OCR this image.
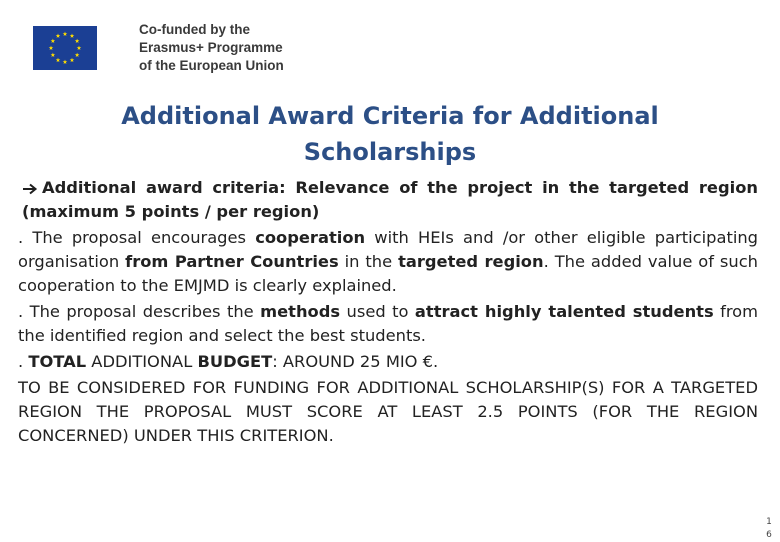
Co-funded by the
Erasmus+ Programme
of the European Union
Additional Award Criteria for Additional
Scholarships

Additional award criteria: Relevance of the project in the targeted region (maximum 5 points / per region)

. The proposal encourages cooperation with HEIs and /or other eligible participating organisation from Partner Countries in the targeted region. The added value of such cooperation to the EMJMD is clearly explained.

. The proposal describes the methods used to attract highly talented students from the identified region and select the best students.

. TOTAL ADDITIONAL BUDGET: AROUND 25 MIO €.

TO BE CONSIDERED FOR FUNDING FOR ADDITIONAL SCHOLARSHIP(S) FOR A TARGETED REGION THE PROPOSAL MUST SCORE AT LEAST 2.5 POINTS (FOR THE REGION CONCERNED) UNDER THIS CRITERION.

1
6
